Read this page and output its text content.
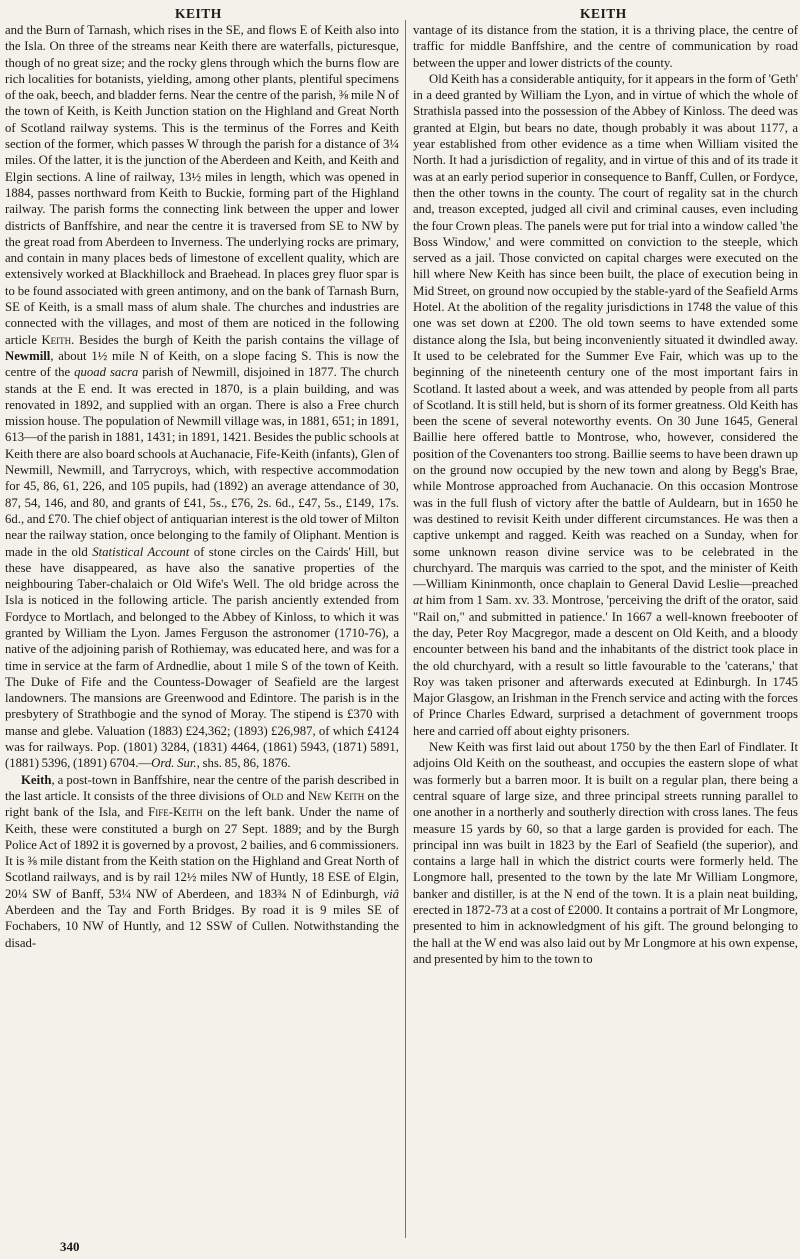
KEITH	KEITH

and the Burn of Tarnash, which rises in the SE, and flows E of Keith also into the Isla. On three of the streams near Keith there are waterfalls, picturesque, though of no great size; and the rocky glens through which the burns flow are rich localities for botanists, yielding, among other plants, plentiful specimens of the oak, beech, and bladder ferns. Near the centre of the parish, ⅜ mile N of the town of Keith, is Keith Junction station on the Highland and Great North of Scotland railway systems. This is the terminus of the Forres and Keith section of the former, which passes W through the parish for a distance of 3¼ miles. Of the latter, it is the junction of the Aberdeen and Keith, and Keith and Elgin sections. A line of railway, 13½ miles in length, which was opened in 1884, passes northward from Keith to Buckie, forming part of the Highland railway. The parish forms the connecting link between the upper and lower districts of Banffshire, and near the centre it is traversed from SE to NW by the great road from Aberdeen to Inverness. The underlying rocks are primary, and contain in many places beds of limestone of excellent quality, which are extensively worked at Blackhillock and Braehead. In places grey fluor spar is to be found associated with green antimony, and on the bank of Tarnash Burn, SE of Keith, is a small mass of alum shale. The churches and industries are connected with the villages, and most of them are noticed in the following article Keith. Besides the burgh of Keith the parish contains the village of Newmill, about 1½ mile N of Keith, on a slope facing S. This is now the centre of the quoad sacra parish of Newmill, disjoined in 1877. The church stands at the E end. It was erected in 1870, is a plain building, and was renovated in 1892, and supplied with an organ. There is also a Free church mission house. The population of Newmill village was, in 1881, 651; in 1891, 613—of the parish in 1881, 1431; in 1891, 1421. Besides the public schools at Keith there are also board schools at Auchanacie, Fife-Keith (infants), Glen of Newmill, Newmill, and Tarrycroys, which, with respective accommodation for 45, 86, 61, 226, and 105 pupils, had (1892) an average attendance of 30, 87, 54, 146, and 80, and grants of £41, 5s., £76, 2s. 6d., £47, 5s., £149, 17s. 6d., and £70. The chief object of antiquarian interest is the old tower of Milton near the railway station, once belonging to the family of Oliphant. Mention is made in the old Statistical Account of stone circles on the Cairds' Hill, but these have disappeared, as have also the sanative properties of the neighbouring Taber-chalaich or Old Wife's Well. The old bridge across the Isla is noticed in the following article. The parish anciently extended from Fordyce to Mortlach, and belonged to the Abbey of Kinloss, to which it was granted by William the Lyon. James Ferguson the astronomer (1710-76), a native of the adjoining parish of Rothiemay, was educated here, and was for a time in service at the farm of Ardnedlie, about 1 mile S of the town of Keith. The Duke of Fife and the Countess-Dowager of Seafield are the largest landowners. The mansions are Greenwood and Edintore. The parish is in the presbytery of Strathbogie and the synod of Moray. The stipend is £370 with manse and glebe. Valuation (1883) £24,362; (1893) £26,987, of which £4124 was for railways. Pop. (1801) 3284, (1831) 4464, (1861) 5943, (1871) 5891, (1881) 5396, (1891) 6704.—Ord. Sur., shs. 85, 86, 1876.

Keith, a post-town in Banffshire, near the centre of the parish described in the last article. It consists of the three divisions of Old and New Keith on the right bank of the Isla, and Fife-Keith on the left bank. Under the name of Keith, these were constituted a burgh on 27 Sept. 1889; and by the Burgh Police Act of 1892 it is governed by a provost, 2 bailies, and 6 commissioners. It is ⅜ mile distant from the Keith station on the Highland and Great North of Scotland railways, and is by rail 12½ miles NW of Huntly, 18 ESE of Elgin, 20¼ SW of Banff, 53¼ NW of Aberdeen, and 183¾ N of Edinburgh, viâ Aberdeen and the Tay and Forth Bridges. By road it is 9 miles SE of Fochabers, 10 NW of Huntly, and 12 SSW of Cullen. Notwithstanding the disad-

vantage of its distance from the station, it is a thriving place, the centre of traffic for middle Banffshire, and the centre of communication by road between the upper and lower districts of the county.

Old Keith has a considerable antiquity, for it appears in the form of 'Geth' in a deed granted by William the Lyon, and in virtue of which the whole of Strathisla passed into the possession of the Abbey of Kinloss. The deed was granted at Elgin, but bears no date, though probably it was about 1177, a year established from other evidence as a time when William visited the North. It had a jurisdiction of regality, and in virtue of this and of its trade it was at an early period superior in consequence to Banff, Cullen, or Fordyce, then the other towns in the county. The court of regality sat in the church and, treason excepted, judged all civil and criminal causes, even including the four Crown pleas. The panels were put for trial into a window called 'the Boss Window,' and were committed on conviction to the steeple, which served as a jail. Those convicted on capital charges were executed on the hill where New Keith has since been built, the place of execution being in Mid Street, on ground now occupied by the stable-yard of the Seafield Arms Hotel. At the abolition of the regality jurisdictions in 1748 the value of this one was set down at £200. The old town seems to have extended some distance along the Isla, but being inconveniently situated it dwindled away. It used to be celebrated for the Summer Eve Fair, which was up to the beginning of the nineteenth century one of the most important fairs in Scotland. It lasted about a week, and was attended by people from all parts of Scotland. It is still held, but is shorn of its former greatness. Old Keith has been the scene of several noteworthy events. On 30 June 1645, General Baillie here offered battle to Montrose, who, however, considered the position of the Covenanters too strong. Baillie seems to have been drawn up on the ground now occupied by the new town and along by Begg's Brae, while Montrose approached from Auchanacie. On this occasion Montrose was in the full flush of victory after the battle of Auldearn, but in 1650 he was destined to revisit Keith under different circumstances. He was then a captive unkempt and ragged. Keith was reached on a Sunday, when for some unknown reason divine service was to be celebrated in the churchyard. The marquis was carried to the spot, and the minister of Keith—William Kininmonth, once chaplain to General David Leslie—preached at him from 1 Sam. xv. 33. Montrose, 'perceiving the drift of the orator, said "Rail on," and submitted in patience.' In 1667 a well-known freebooter of the day, Peter Roy Macgregor, made a descent on Old Keith, and a bloody encounter between his band and the inhabitants of the district took place in the old churchyard, with a result so little favourable to the 'caterans,' that Roy was taken prisoner and afterwards executed at Edinburgh. In 1745 Major Glasgow, an Irishman in the French service and acting with the forces of Prince Charles Edward, surprised a detachment of government troops here and carried off about eighty prisoners.

New Keith was first laid out about 1750 by the then Earl of Findlater. It adjoins Old Keith on the southeast, and occupies the eastern slope of what was formerly but a barren moor. It is built on a regular plan, there being a central square of large size, and three principal streets running parallel to one another in a northerly and southerly direction with cross lanes. The feus measure 15 yards by 60, so that a large garden is provided for each. The principal inn was built in 1823 by the Earl of Seafield (the superior), and contains a large hall in which the district courts were formerly held. The Longmore hall, presented to the town by the late Mr William Longmore, banker and distiller, is at the N end of the town. It is a plain neat building, erected in 1872-73 at a cost of £2000. It contains a portrait of Mr Longmore, presented to him in acknowledgment of his gift. The ground belonging to the hall at the W end was also laid out by Mr Longmore at his own expense, and presented by him to the town to

340
